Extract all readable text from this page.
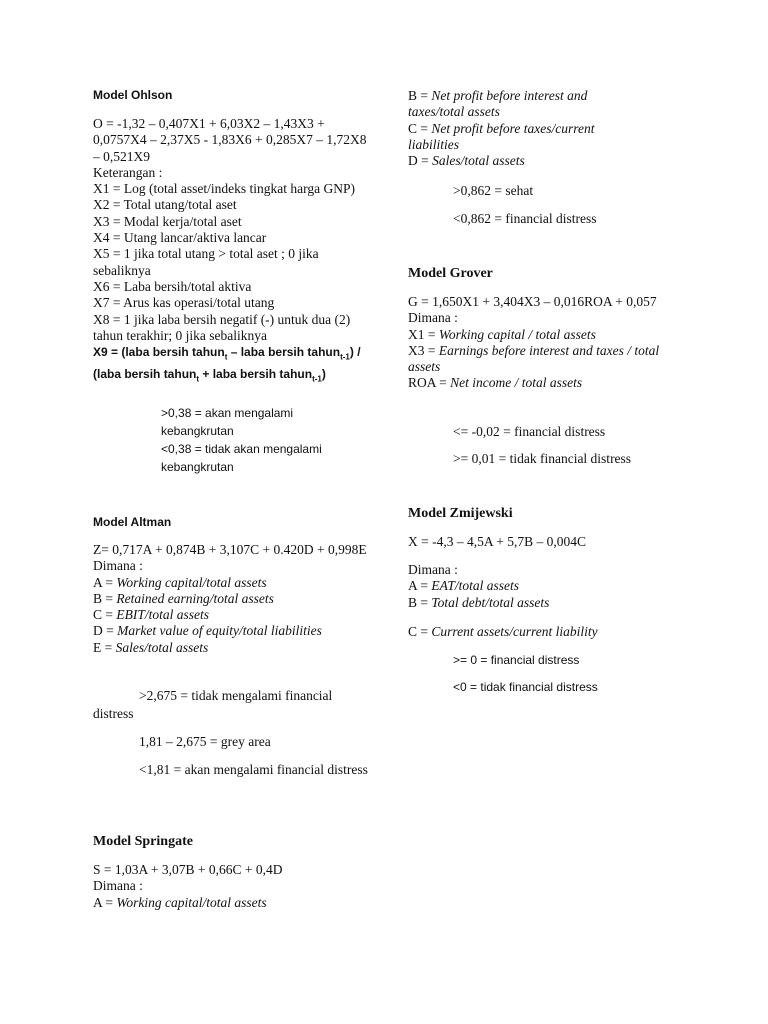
Model Ohlson
O = -1,32 – 0,407X1 + 6,03X2 – 1,43X3 + 0,0757X4 – 2,37X5 - 1,83X6 + 0,285X7 – 1,72X8 – 0,521X9
Keterangan :
X1 = Log (total asset/indeks tingkat harga GNP)
X2 = Total utang/total aset
X3 = Modal kerja/total aset
X4 = Utang lancar/aktiva lancar
X5 = 1 jika total utang > total aset ; 0 jika sebaliknya
X6 = Laba bersih/total aktiva
X7 = Arus kas operasi/total utang
X8 = 1 jika laba bersih negatif (-) untuk dua (2) tahun terakhir; 0 jika sebaliknya
X9 = (laba bersih tahun$_t$ – laba bersih tahun$_{t-1}$) / (laba bersih tahun$_t$ + laba bersih tahun$_{t-1}$)
>0,38 = akan mengalami kebangkrutan
<0,38 = tidak akan mengalami kebangkrutan
Model Altman
Z= 0,717A + 0,874B + 3,107C + 0.420D + 0,998E
Dimana :
A = Working capital/total assets
B = Retained earning/total assets
C = EBIT/total assets
D = Market value of equity/total liabilities
E = Sales/total assets
>2,675 = tidak mengalami financial distress
1,81 – 2,675 = grey area
<1,81 = akan mengalami financial distress
Model Springate
S = 1,03A + 3,07B + 0,66C + 0,4D
Dimana :
A = Working capital/total assets
B = Net profit before interest and taxes/total assets
C = Net profit before taxes/current liabilities
D = Sales/total assets
>0,862 = sehat
<0,862 = financial distress
Model Grover
G = 1,650X1 + 3,404X3 – 0,016ROA + 0,057
Dimana :
X1 = Working capital / total assets
X3 = Earnings before interest and taxes / total assets
ROA = Net income / total assets
<= -0,02 = financial distress
>= 0,01 = tidak financial distress
Model Zmijewski
X = -4,3 – 4,5A + 5,7B – 0,004C
Dimana :
A = EAT/total assets
B = Total debt/total assets
C = Current assets/current liability
>= 0 = financial distress
<0 = tidak financial distress
